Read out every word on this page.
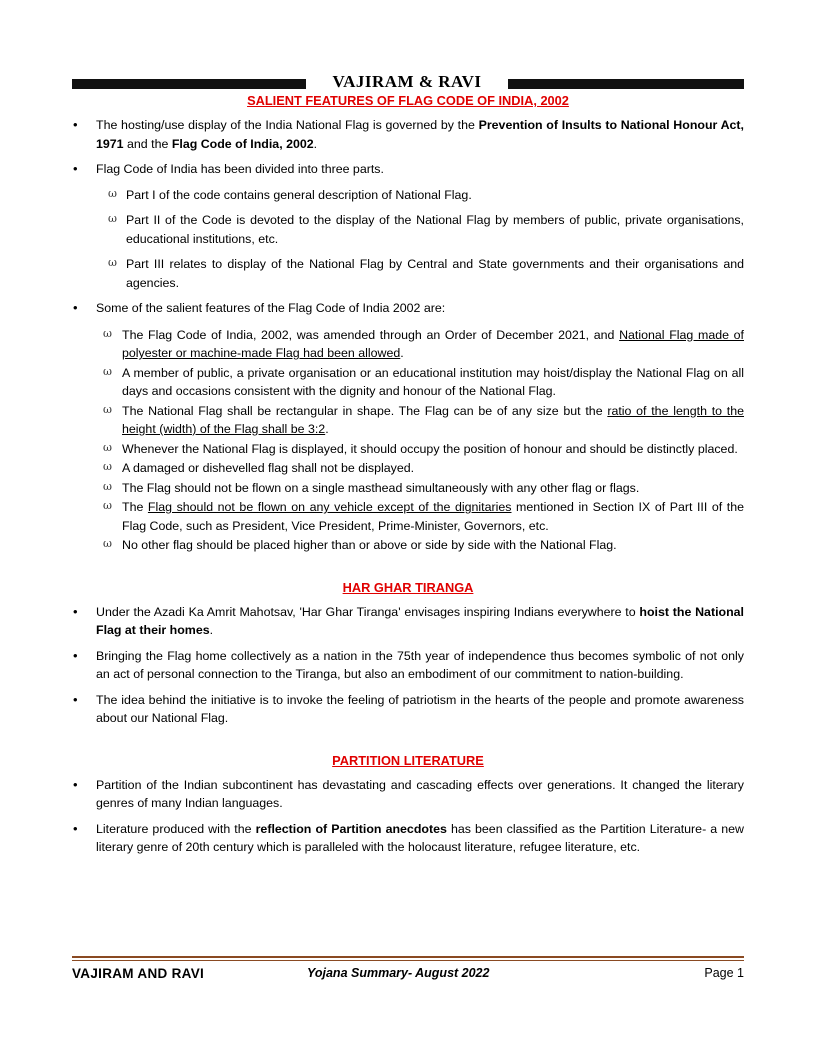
VAJIRAM & RAVI

SALIENT FEATURES OF FLAG CODE OF INDIA, 2002

• The hosting/use display of the India National Flag is governed by the Prevention of Insults to National Honour Act, 1971 and the Flag Code of India, 2002.
• Flag Code of India has been divided into three parts.
ω Part I of the code contains general description of National Flag.
ω Part II of the Code is devoted to the display of the National Flag by members of public, private organisations, educational institutions, etc.
ω Part III relates to display of the National Flag by Central and State governments and their organisations and agencies.
• Some of the salient features of the Flag Code of India 2002 are:
ω The Flag Code of India, 2002, was amended through an Order of December 2021, and National Flag made of polyester or machine-made Flag had been allowed.
ω A member of public, a private organisation or an educational institution may hoist/display the National Flag on all days and occasions consistent with the dignity and honour of the National Flag.
ω The National Flag shall be rectangular in shape. The Flag can be of any size but the ratio of the length to the height (width) of the Flag shall be 3:2.
ω Whenever the National Flag is displayed, it should occupy the position of honour and should be distinctly placed.
ω A damaged or dishevelled flag shall not be displayed.
ω The Flag should not be flown on a single masthead simultaneously with any other flag or flags.
ω The Flag should not be flown on any vehicle except of the dignitaries mentioned in Section IX of Part III of the Flag Code, such as President, Vice President, Prime-Minister, Governors, etc.
ω No other flag should be placed higher than or above or side by side with the National Flag.

HAR GHAR TIRANGA

• Under the Azadi Ka Amrit Mahotsav, 'Har Ghar Tiranga' envisages inspiring Indians everywhere to hoist the National Flag at their homes.
• Bringing the Flag home collectively as a nation in the 75th year of independence thus becomes symbolic of not only an act of personal connection to the Tiranga, but also an embodiment of our commitment to nation-building.
• The idea behind the initiative is to invoke the feeling of patriotism in the hearts of the people and promote awareness about our National Flag.

PARTITION LITERATURE

• Partition of the Indian subcontinent has devastating and cascading effects over generations. It changed the literary genres of many Indian languages.
• Literature produced with the reflection of Partition anecdotes has been classified as the Partition Literature- a new literary genre of 20th century which is paralleled with the holocaust literature, refugee literature, etc.
VAJIRAM AND RAVI	Yojana Summary- August 2022	Page 1
